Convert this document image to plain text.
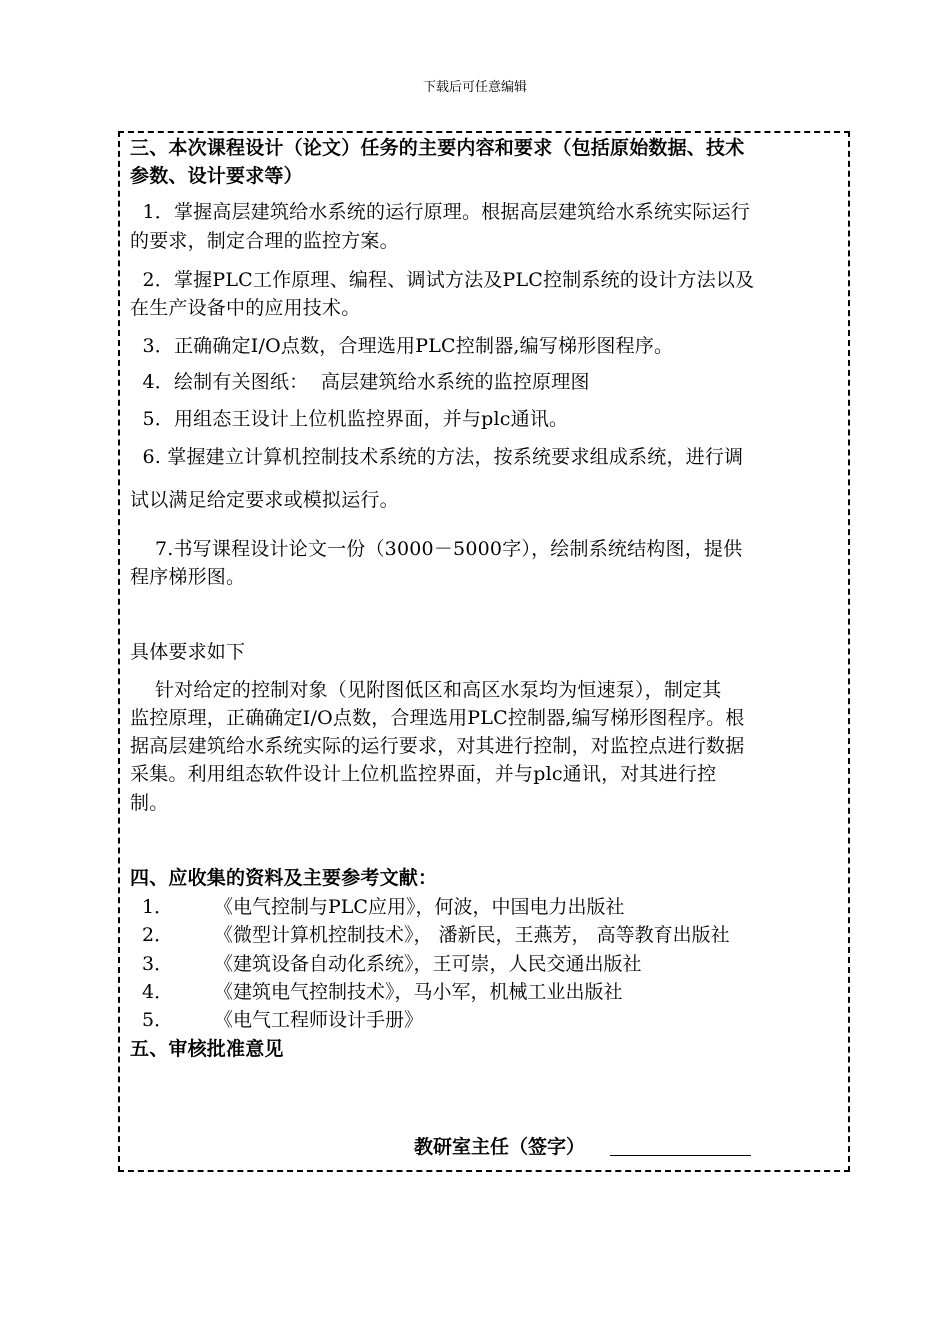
下载后可任意编辑
三、本次课程设计（论文）任务的主要内容和要求（包括原始数据、技术
参数、设计要求等）
1．掌握高层建筑给水系统的运行原理。根据高层建筑给水系统实际运行
的要求，制定合理的监控方案。
2．掌握PLC工作原理、编程、调试方法及PLC控制系统的设计方法以及
在生产设备中的应用技术。
3．正确确定I/O点数，合理选用PLC控制器,编写梯形图程序。
4．绘制有关图纸：  高层建筑给水系统的监控原理图
5．用组态王设计上位机监控界面，并与plc通讯。
6. 掌握建立计算机控制技术系统的方法，按系统要求组成系统，进行调
试以满足给定要求或模拟运行。
7.书写课程设计论文一份（3000－5000字），绘制系统结构图，提供
程序梯形图。
具体要求如下
针对给定的控制对象（见附图低区和高区水泵均为恒速泵），制定其
监控原理，正确确定I/O点数，合理选用PLC控制器,编写梯形图程序。根
据高层建筑给水系统实际的运行要求，对其进行控制，对监控点进行数据
采集。利用组态软件设计上位机监控界面，并与plc通讯，对其进行控
制。
四、应收集的资料及主要参考文献：
1． 《电气控制与PLC应用》，何波，中国电力出版社
2． 《微型计算机控制技术》， 潘新民，王燕芳， 高等教育出版社
3． 《建筑设备自动化系统》，王可崇，人民交通出版社
4． 《建筑电气控制技术》，马小军，机械工业出版社
5． 《电气工程师设计手册》
五、审核批准意见
教研室主任（签字）
